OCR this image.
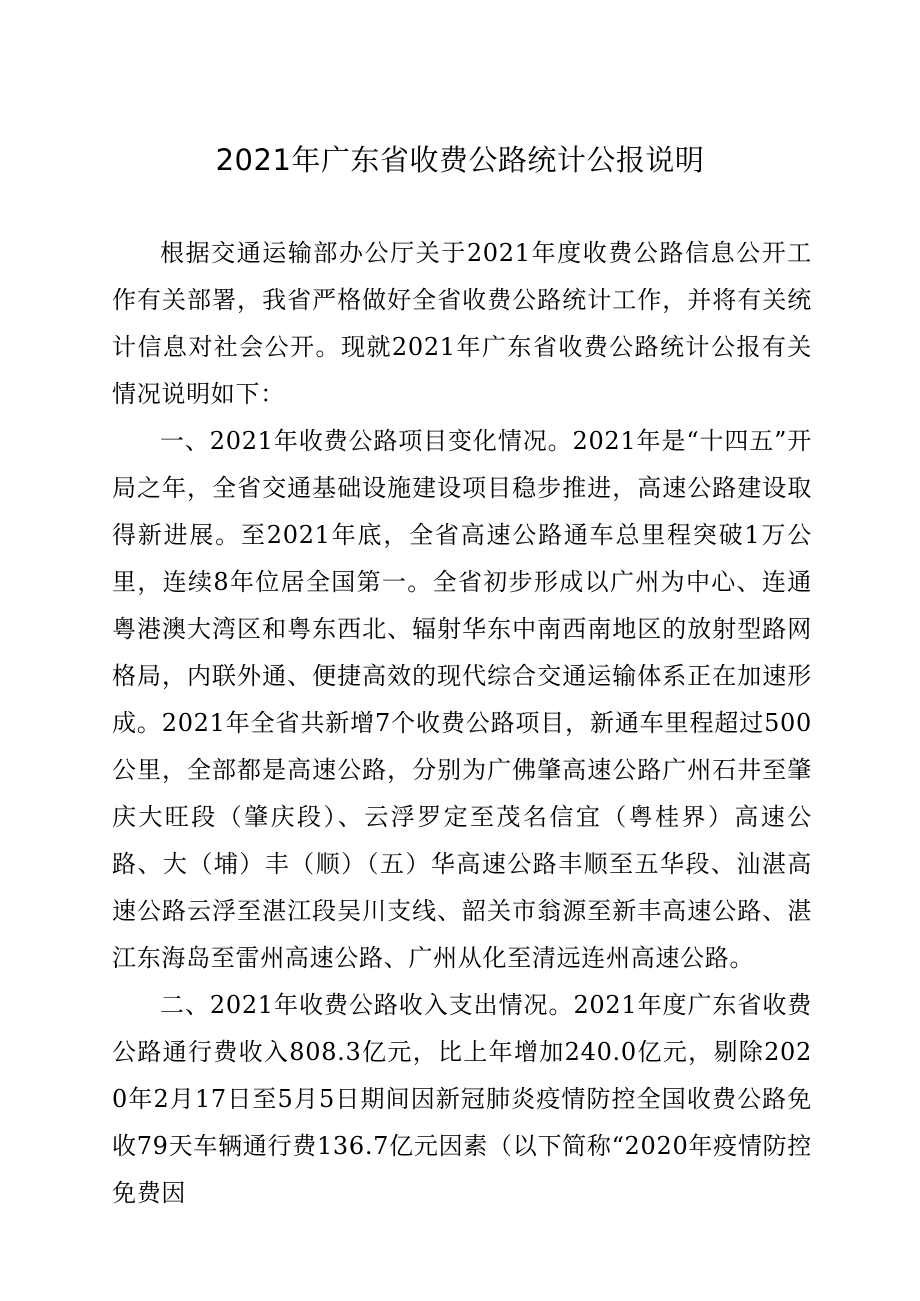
2021年广东省收费公路统计公报说明

根据交通运输部办公厅关于2021年度收费公路信息公开工作有关部署，我省严格做好全省收费公路统计工作，并将有关统计信息对社会公开。现就2021年广东省收费公路统计公报有关情况说明如下：

一、2021年收费公路项目变化情况。2021年是“十四五”开局之年，全省交通基础设施建设项目稳步推进，高速公路建设取得新进展。至2021年底，全省高速公路通车总里程突破1万公里，连续8年位居全国第一。全省初步形成以广州为中心、连通粤港澳大湾区和粤东西北、辐射华东中南西南地区的放射型路网格局，内联外通、便捷高效的现代综合交通运输体系正在加速形成。2021年全省共新增7个收费公路项目，新通车里程超过500公里，全部都是高速公路，分别为广佛肇高速公路广州石井至肇庆大旺段（肇庆段）、云浮罗定至茂名信宜（粤桂界）高速公路、大（埔）丰（顺）（五）华高速公路丰顺至五华段、汕湛高速公路云浮至湛江段吴川支线、韶关市翁源至新丰高速公路、湛江东海岛至雷州高速公路、广州从化至清远连州高速公路。

二、2021年收费公路收入支出情况。2021年度广东省收费公路通行费收入808.3亿元，比上年增加240.0亿元，剔除2020年2月17日至5月5日期间因新冠肺炎疫情防控全国收费公路免收79天车辆通行费136.7亿元因素（以下简称“2020年疫情防控免费因
